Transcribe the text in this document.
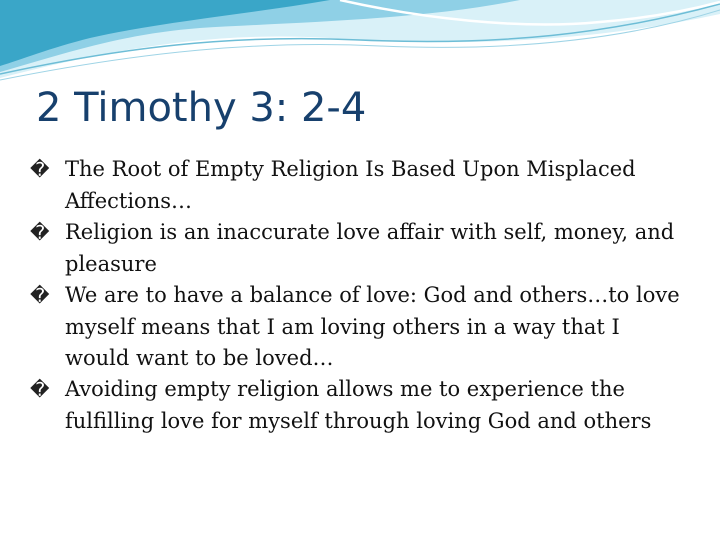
2 Timothy 3: 2-4
� The Root of Empty Religion Is Based Upon Misplaced Affections…
� Religion is an inaccurate love affair with self, money, and pleasure
� We are to have a balance of love: God and others…to love myself means that I am loving others in a way that I would want to be loved…
� Avoiding empty religion allows me to experience the fulfilling love for myself through loving God and others
